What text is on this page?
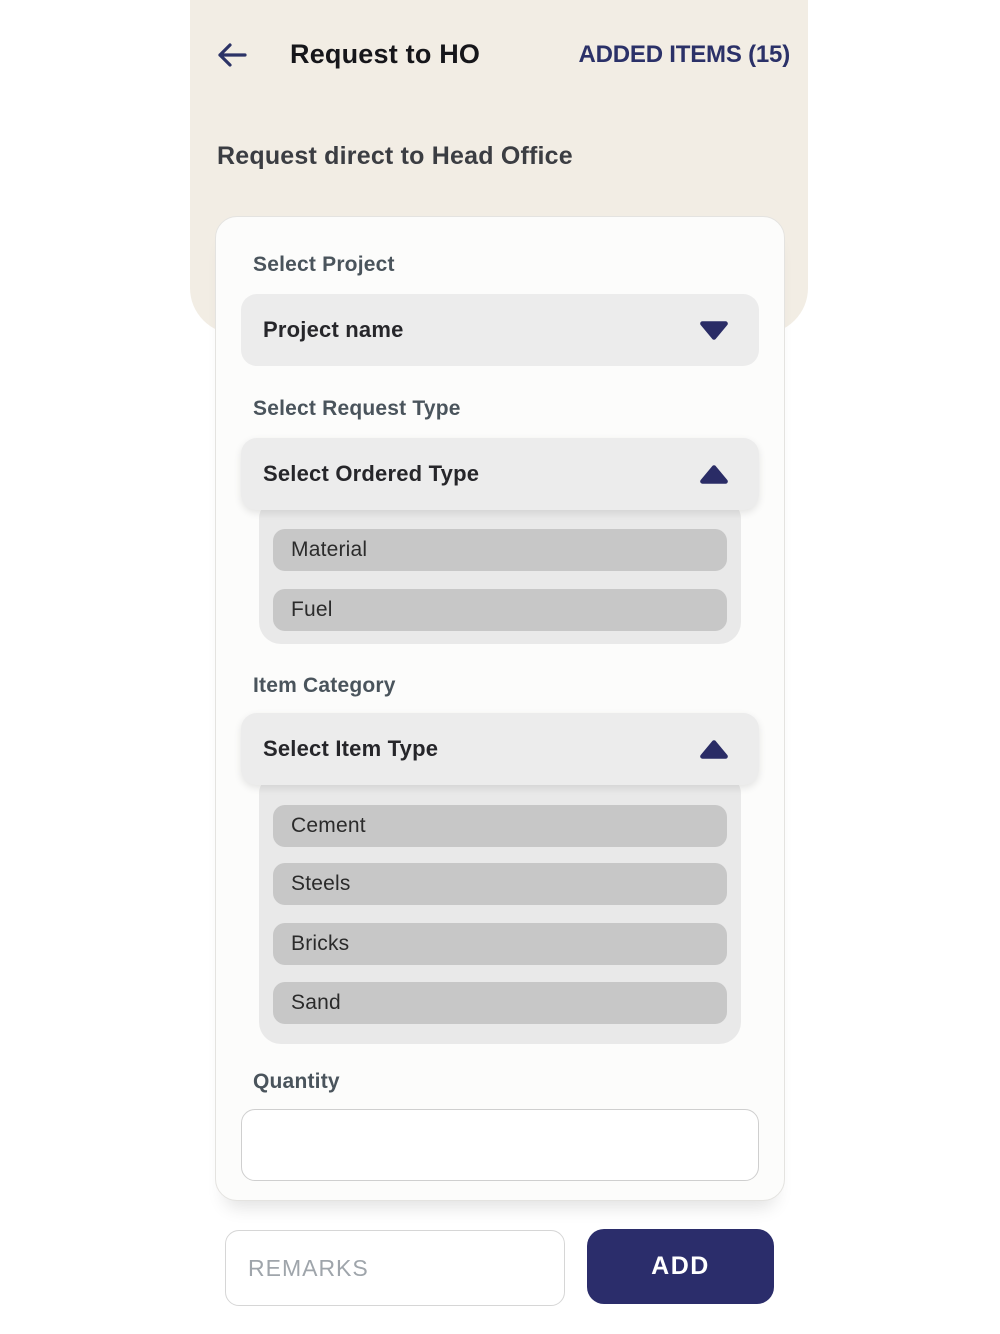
Request to HO	ADDED ITEMS (15)
Request direct to Head Office
Select Project
Project name
Select Request Type
Select Ordered Type
Material
Fuel
Item Category
Select Item Type
Cement
Steels
Bricks
Sand
Quantity
REMARKS
ADD
